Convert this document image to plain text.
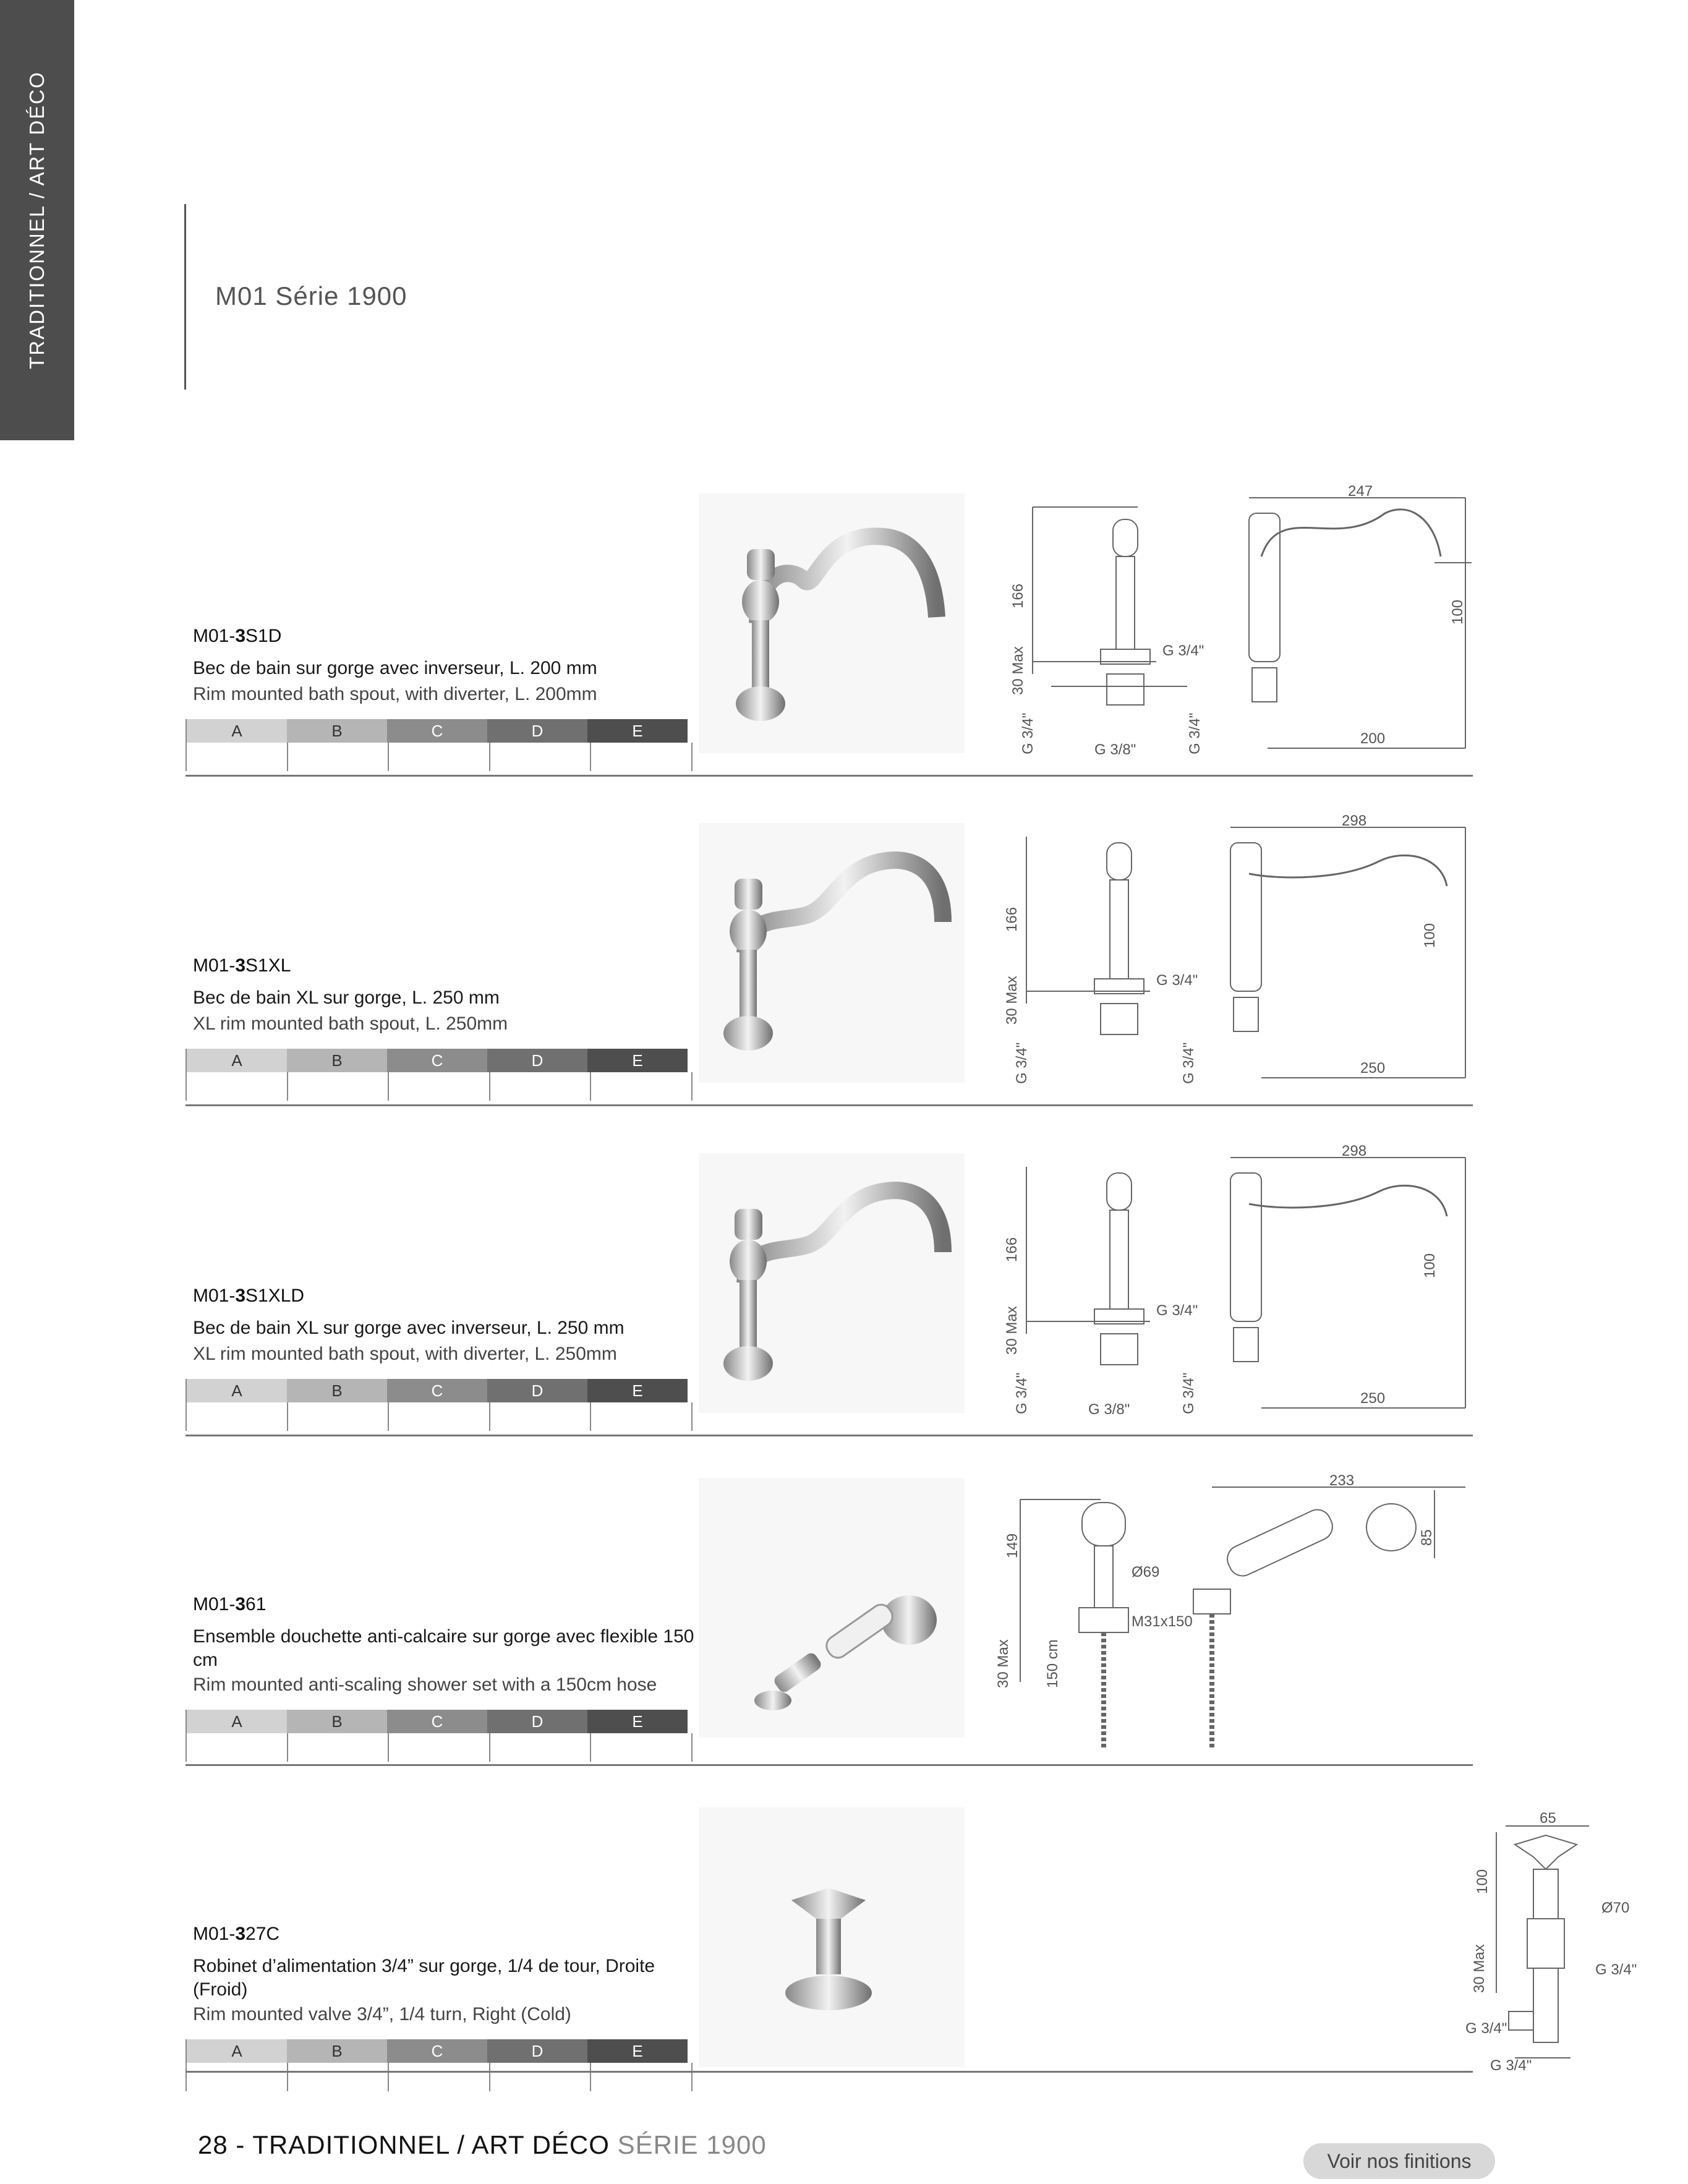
TRADITIONNEL / ART DÉCO	M01 Série 1900
M01-3S1D
Bec de bain sur gorge avec inverseur, L. 200 mm
Rim mounted bath spout, with diverter, L. 200mm
A	B	C	D	E
166
30 Max	G 3/4"
G 3/4"	G 3/4"
G 3/8"
247
100
200
M01-3S1XL
Bec de bain XL sur gorge, L. 250 mm
XL rim mounted bath spout, L. 250mm
A	B	C	D	E
166
30 Max	G 3/4"
G 3/4"	G 3/4"
298
100
250
M01-3S1XLD
Bec de bain XL sur gorge avec inverseur, L. 250 mm
XL rim mounted bath spout, with diverter, L. 250mm
A	B	C	D	E
166
30 Max	G 3/4"
G 3/4"	G 3/4"
G 3/8"
298
100
250
M01-361
Ensemble douchette anti-calcaire sur gorge avec flexible 150 cm
Rim mounted anti-scaling shower set with a 150cm hose
A	B	C	D	E
149
Ø69
M31x150
30 Max 150 cm
233
85
M01-327C
Robinet d’alimentation 3/4” sur gorge, 1/4 de tour, Droite (Froid)
Rim mounted valve 3/4”, 1/4 turn, Right (Cold)
A	B	C	D	E
65
100
Ø70
30 Max	G 3/4"
G 3/4"
G 3/4"
28 - TRADITIONNEL / ART DÉCO SÉRIE 1900
Voir nos finitions
